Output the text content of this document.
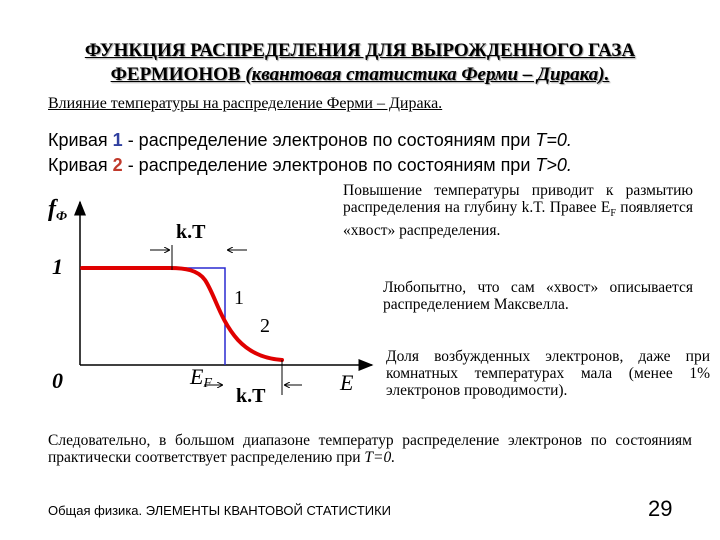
ФУНКЦИЯ РАСПРЕДЕЛЕНИЯ ДЛЯ ВЫРОЖДЕННОГО ГАЗА
ФЕРМИОНОВ (квантовая статистика Ферми – Дирака).
Влияние температуры на распределение Ферми – Дирака.
Кривая 1 - распределение электронов по состояниям при T=0.
Кривая 2 - распределение электронов по состояниям при T>0.
fФ
1
0	E
EF
k.T
k.T
1
2
Повышение температуры приводит к размытию распределения на глубину k.T. Правее $E_F$ появляется «хвост» распределения.
Любопытно, что сам «хвост» описывается распределением Максвелла.
Доля возбужденных электронов, даже при комнатных температурах мала (менее 1% электронов проводимости).
Следовательно, в большом диапазоне температур распределение электронов по состояниям практически соответствует распределению при T=0.
Общая физика. ЭЛЕМЕНТЫ КВАНТОВОЙ СТАТИСТИКИ	29
